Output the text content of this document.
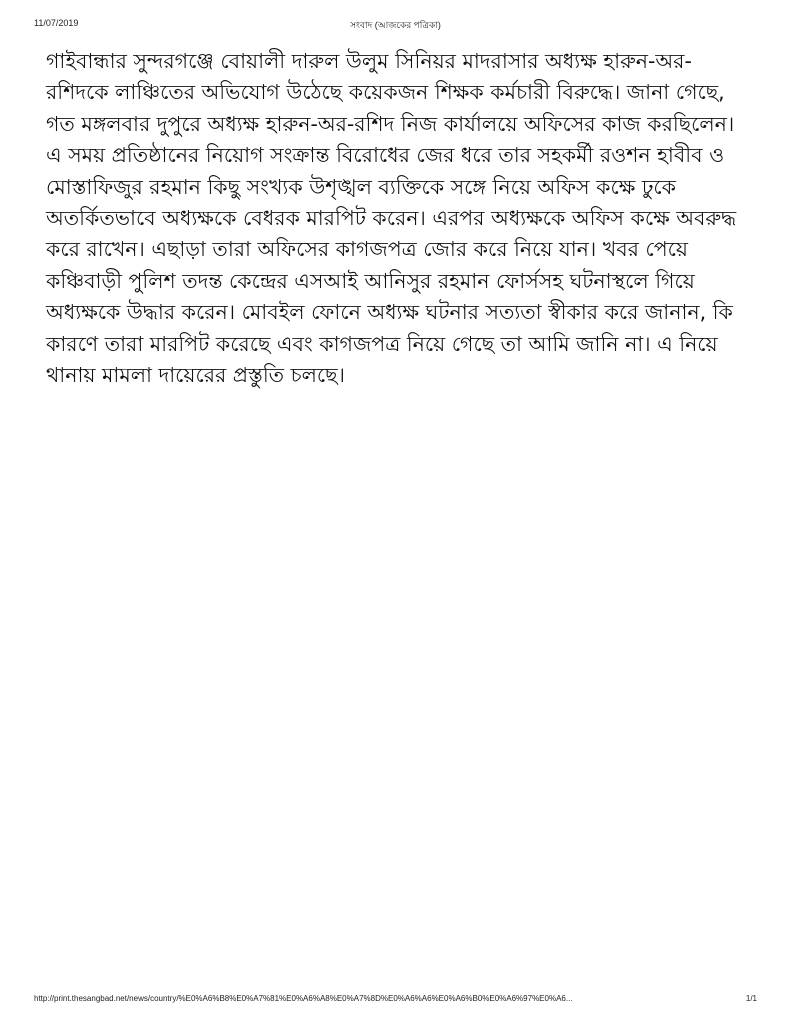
11/07/2019	সংবাদ (আজকের পত্রিকা)

গাইবান্ধার সুন্দরগঞ্জে বোয়ালী দারুল উলুম সিনিয়র মাদরাসার অধ্যক্ষ হারুন-অর-রশিদকে লাঞ্চিতের অভিযোগ উঠেছে কয়েকজন শিক্ষক কর্মচারী বিরুদ্ধে। জানা গেছে, গত মঙ্গলবার দুপুরে অধ্যক্ষ হারুন-অর-রশিদ নিজ কার্যালয়ে অফিসের কাজ করছিলেন। এ সময় প্রতিষ্ঠানের নিয়োগ সংক্রান্ত বিরোধের জের ধরে তার সহকর্মী রওশন হাবীব ও মোস্তাফিজুর রহমান কিছু সংখ্যক উশৃঙ্খল ব্যক্তিকে সঙ্গে নিয়ে অফিস কক্ষে ঢুকে অতর্কিতভাবে অধ্যক্ষকে বেধরক মারপিট করেন। এরপর অধ্যক্ষকে অফিস কক্ষে অবরুদ্ধ করে রাখেন। এছাড়া তারা অফিসের কাগজপত্র জোর করে নিয়ে যান। খবর পেয়ে কঞ্চিবাড়ী পুলিশ তদন্ত কেন্দ্রের এসআই আনিসুর রহমান ফোর্সসহ ঘটনাস্থলে গিয়ে অধ্যক্ষকে উদ্ধার করেন। মোবইল ফোনে অধ্যক্ষ ঘটনার সত্যতা স্বীকার করে জানান, কি কারণে তারা মারপিট করেছে এবং কাগজপত্র নিয়ে গেছে তা আমি জানি না। এ নিয়ে থানায় মামলা দায়েরের প্রস্তুতি চলছে।

http://print.thesangbad.net/news/country/%E0%A6%B8%E0%A7%81%E0%A6%A8%E0%A7%8D%E0%A6%A6%E0%A6%B0%E0%A6%97%E0%A6...	1/1
